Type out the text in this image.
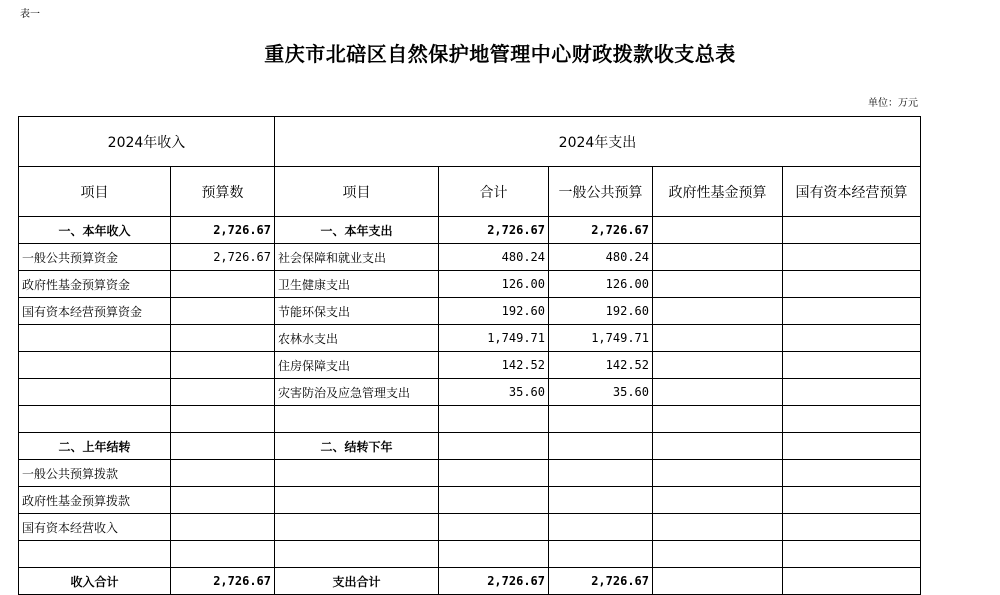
表一
重庆市北碚区自然保护地管理中心财政拨款收支总表
单位：万元
2024年收入		2024年支出				
项目	预算数	项目	合计	一般公共预算	政府性基金预算	国有资本经营预算
一、本年收入	2,726.67	一、本年支出	2,726.67	2,726.67		
一般公共预算资金	2,726.67	社会保障和就业支出	480.24	480.24		
政府性基金预算资金		卫生健康支出	126.00	126.00		
国有资本经营预算资金		节能环保支出	192.60	192.60		
		农林水支出	1,749.71	1,749.71		
		住房保障支出	142.52	142.52		
		灾害防治及应急管理支出	35.60	35.60		

二、上年结转		二、结转下年				
一般公共预算拨款						
政府性基金预算拨款						
国有资本经营收入						

收入合计	2,726.67	支出合计	2,726.67	2,726.67		
